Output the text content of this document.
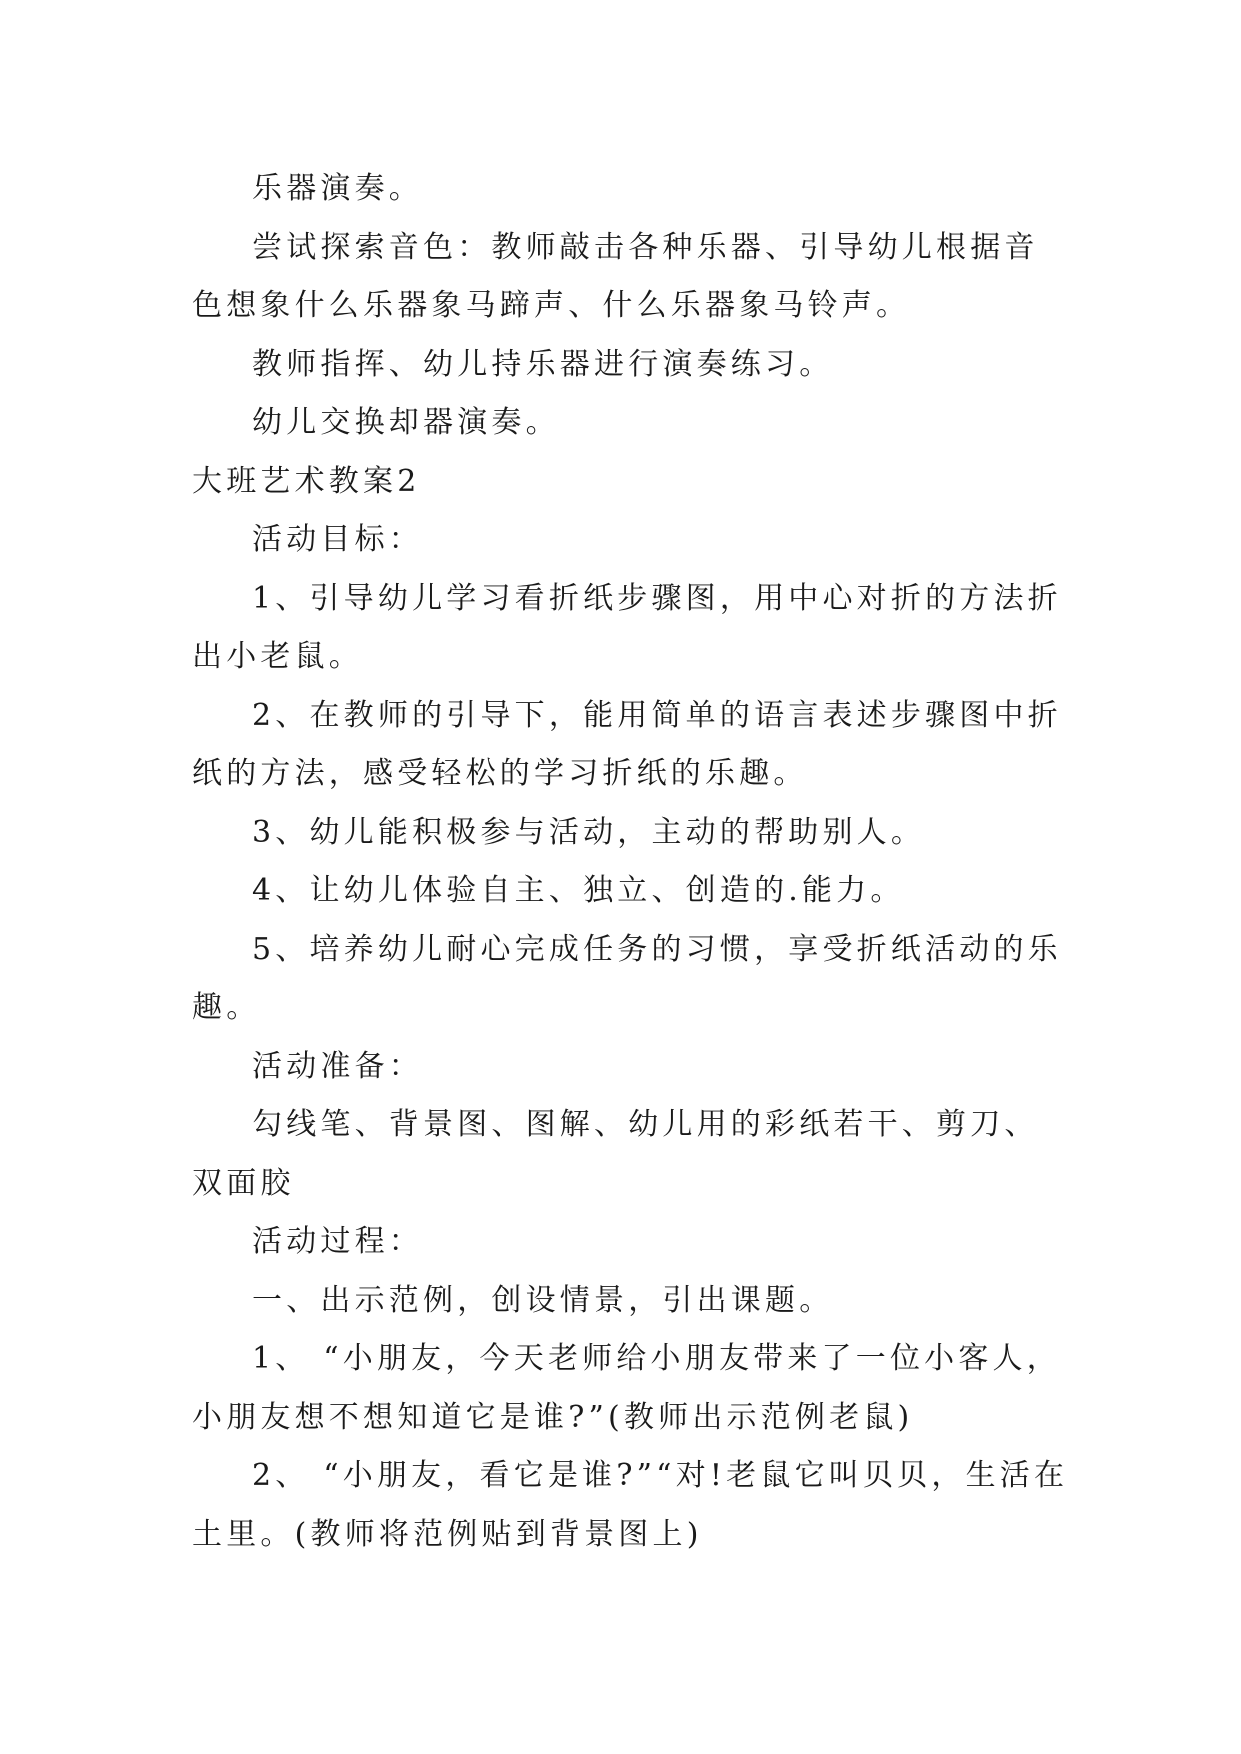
乐器演奏。

尝试探索音色：教师敲击各种乐器、引导幼儿根据音色想象什么乐器象马蹄声、什么乐器象马铃声。

教师指挥、幼儿持乐器进行演奏练习。

幼儿交换却器演奏。

大班艺术教案2

活动目标：

1、引导幼儿学习看折纸步骤图，用中心对折的方法折出小老鼠。

2、在教师的引导下，能用简单的语言表述步骤图中折纸的方法，感受轻松的学习折纸的乐趣。

3、幼儿能积极参与活动，主动的帮助别人。

4、让幼儿体验自主、独立、创造的.能力。

5、培养幼儿耐心完成任务的习惯，享受折纸活动的乐趣。

活动准备：

勾线笔、背景图、图解、幼儿用的彩纸若干、剪刀、双面胶

活动过程：

一、出示范例，创设情景，引出课题。

1、 “小朋友，今天老师给小朋友带来了一位小客人，小朋友想不想知道它是谁?”(教师出示范例老鼠)

2、 “小朋友，看它是谁?”“对!老鼠它叫贝贝，生活在土里。(教师将范例贴到背景图上)
